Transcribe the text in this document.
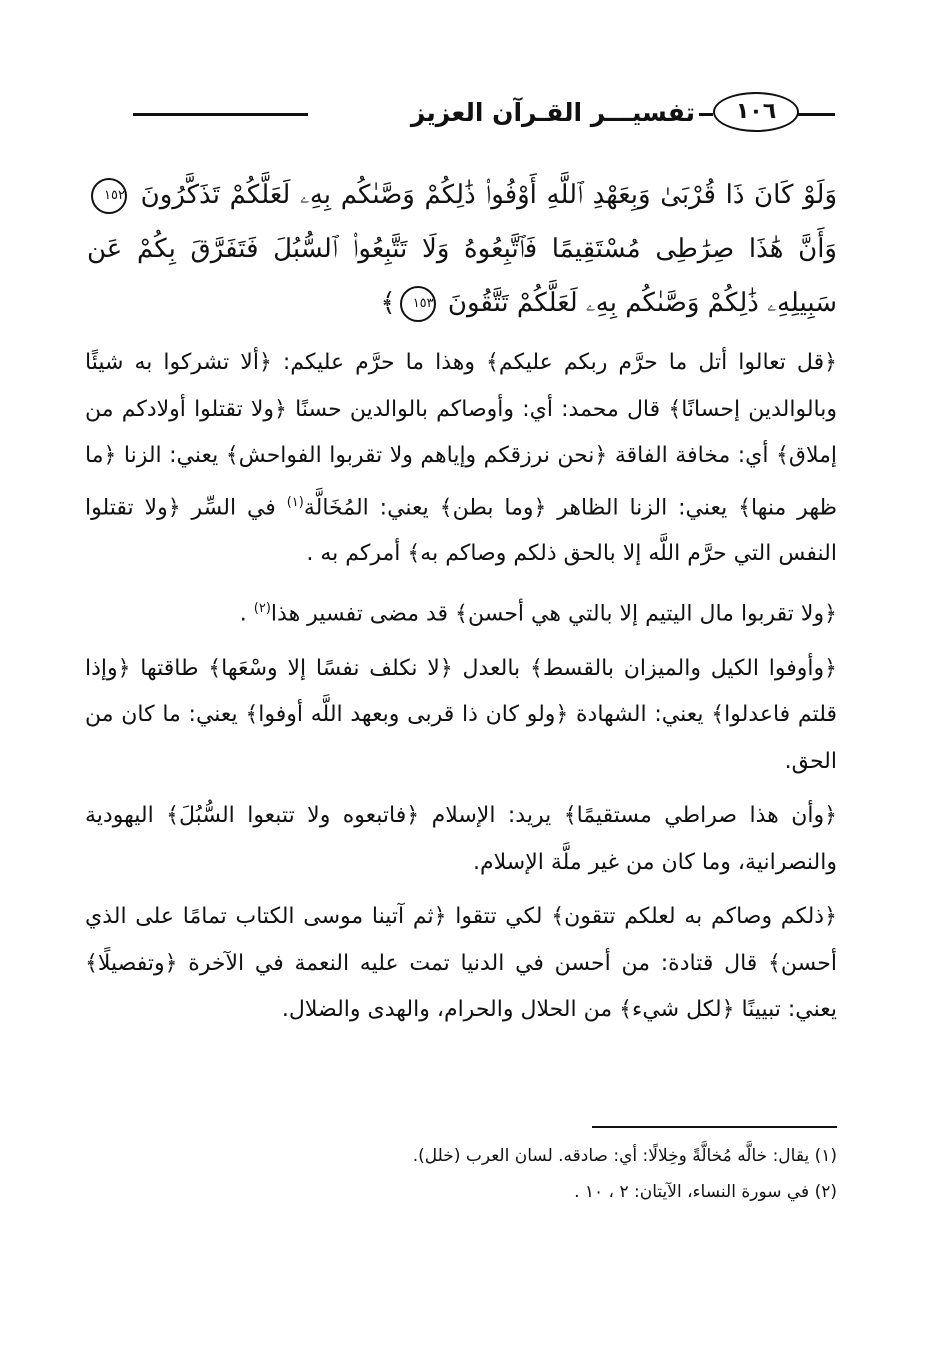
١٠٦
تفسيـــر القـرآن العزيز
وَلَوْ كَانَ ذَا قُرْبَىٰ وَبِعَهْدِ ٱللَّهِ أَوْفُوا۟ ذَٰلِكُمْ وَصَّىٰكُم بِهِۦ لَعَلَّكُمْ تَذَكَّرُونَ ١٥٢ وَأَنَّ هَٰذَا صِرَٰطِى مُسْتَقِيمًا فَٱتَّبِعُوهُ وَلَا تَتَّبِعُوا۟ ٱلسُّبُلَ فَتَفَرَّقَ بِكُمْ عَن سَبِيلِهِۦ ذَٰلِكُمْ وَصَّىٰكُم بِهِۦ لَعَلَّكُمْ تَتَّقُونَ ١٥٣﴾

﴿قل تعالوا أتل ما حرَّم ربكم عليكم﴾ وهذا ما حرَّم عليكم: ﴿ألا تشركوا به شيئًا وبالوالدين إحسانًا﴾ قال محمد: أي: وأوصاكم بالوالدين حسنًا ﴿ولا تقتلوا أولادكم من إملاق﴾ أي: مخافة الفاقة ﴿نحن نرزقكم وإياهم ولا تقربوا الفواحش﴾ يعني: الزنا ﴿ما ظهر منها﴾ يعني: الزنا الظاهر ﴿وما بطن﴾ يعني: المُخَالَّة$^{(١)}$ في السِّر ﴿ولا تقتلوا النفس التي حرَّم اللَّه إلا بالحق ذلكم وصاكم به﴾ أمركم به .

﴿ولا تقربوا مال اليتيم إلا بالتي هي أحسن﴾ قد مضى تفسير هذا$^{(٢)}$ .

﴿وأوفوا الكيل والميزان بالقسط﴾ بالعدل ﴿لا نكلف نفسًا إلا وسْعَها﴾ طاقتها ﴿وإذا قلتم فاعدلوا﴾ يعني: الشهادة ﴿ولو كان ذا قربى وبعهد اللَّه أوفوا﴾ يعني: ما كان من الحق.

﴿وأن هذا صراطي مستقيمًا﴾ يريد: الإسلام ﴿فاتبعوه ولا تتبعوا السُّبُلَ﴾ اليهودية والنصرانية، وما كان من غير ملَّة الإسلام.

﴿ذلكم وصاكم به لعلكم تتقون﴾ لكي تتقوا ﴿ثم آتينا موسى الكتاب تمامًا على الذي أحسن﴾ قال قتادة: من أحسن في الدنيا تمت عليه النعمة في الآخرة ﴿وتفصيلًا﴾ يعني: تبيينًا ﴿لكل شيء﴾ من الحلال والحرام، والهدى والضلال.

(١) يقال: خالَّه مُخالَّةً وخِلالًا: أي: صادقه. لسان العرب (خلل).
(٢) في سورة النساء، الآيتان: ٢ ، ١٠ .
